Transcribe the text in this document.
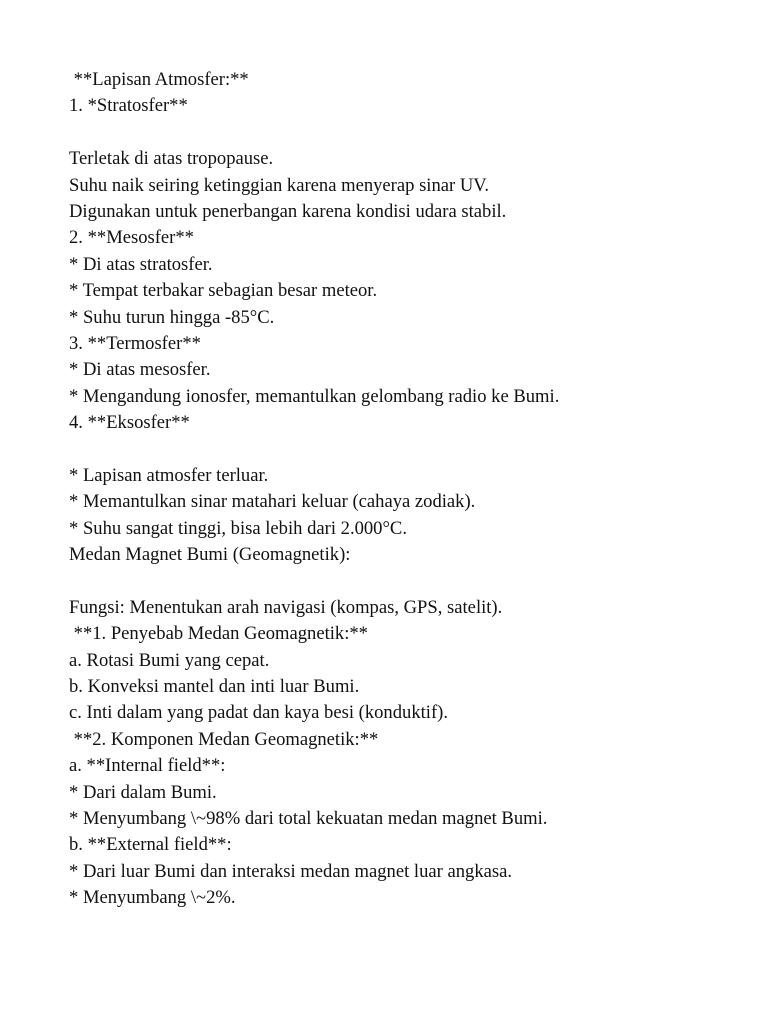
**Lapisan Atmosfer:**
1. *Stratosfer**
Terletak di atas tropopause.
Suhu naik seiring ketinggian karena menyerap sinar UV.
Digunakan untuk penerbangan karena kondisi udara stabil.
2. **Mesosfer**
* Di atas stratosfer.
* Tempat terbakar sebagian besar meteor.
* Suhu turun hingga -85°C.
3. **Termosfer**
* Di atas mesosfer.
* Mengandung ionosfer, memantulkan gelombang radio ke Bumi.
4. **Eksosfer**
* Lapisan atmosfer terluar.
* Memantulkan sinar matahari keluar (cahaya zodiak).
* Suhu sangat tinggi, bisa lebih dari 2.000°C.
Medan Magnet Bumi (Geomagnetik):
Fungsi: Menentukan arah navigasi (kompas, GPS, satelit).
**1. Penyebab Medan Geomagnetik:**
a. Rotasi Bumi yang cepat.
b. Konveksi mantel dan inti luar Bumi.
c. Inti dalam yang padat dan kaya besi (konduktif).
**2. Komponen Medan Geomagnetik:**
a. **Internal field**:
* Dari dalam Bumi.
* Menyumbang \~98% dari total kekuatan medan magnet Bumi.
b. **External field**:
* Dari luar Bumi dan interaksi medan magnet luar angkasa.
* Menyumbang \~2%.
